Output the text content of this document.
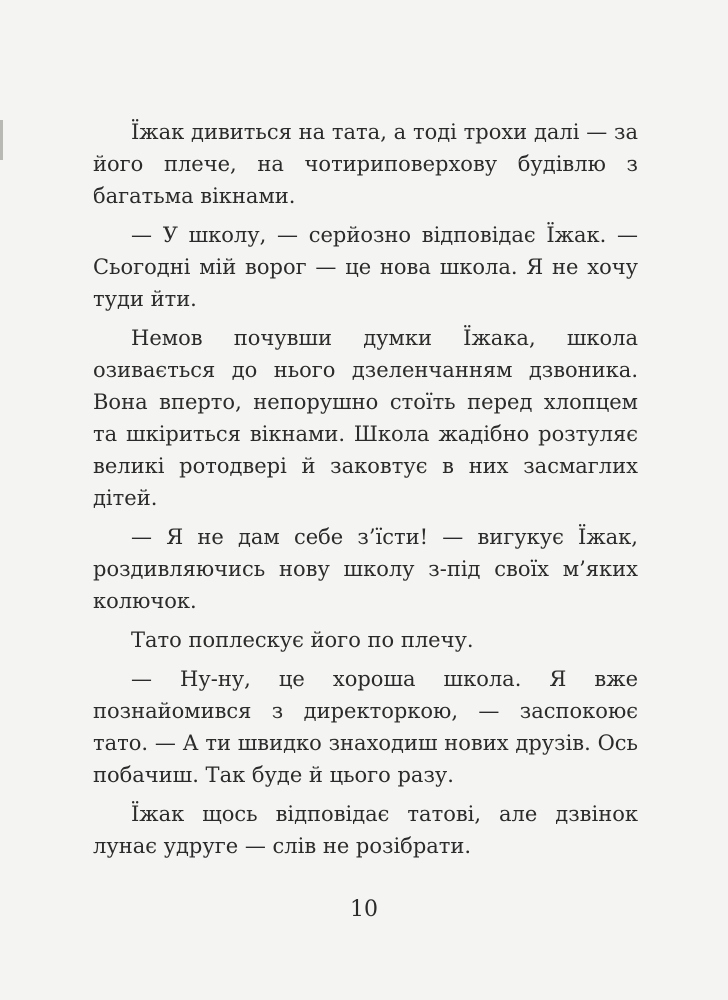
Їжак дивиться на тата, а тоді трохи далі — за його плече, на чотириповерхову будівлю з багатьма вікнами.

— У школу, — серйозно відповідає Їжак. — Сьогодні мій ворог — це нова школа. Я не хочу туди йти.

Немов почувши думки Їжака, школа озивається до нього дзеленчанням дзвоника. Вона вперто, непорушно стоїть перед хлопцем та шкіриться вікнами. Школа жадібно розтуляє великі ротодвері й заковтує в них засмаглих дітей.

— Я не дам себе з’їсти! — вигукує Їжак, роздивляючись нову школу з-під своїх м’яких колючок.

Тато поплескує його по плечу.

— Ну-ну, це хороша школа. Я вже познайомився з директоркою, — заспокоює тато. — А ти швидко знаходиш нових друзів. Ось побачиш. Так буде й цього разу.

Їжак щось відповідає татові, але дзвінок лунає удруге — слів не розібрати.

10
